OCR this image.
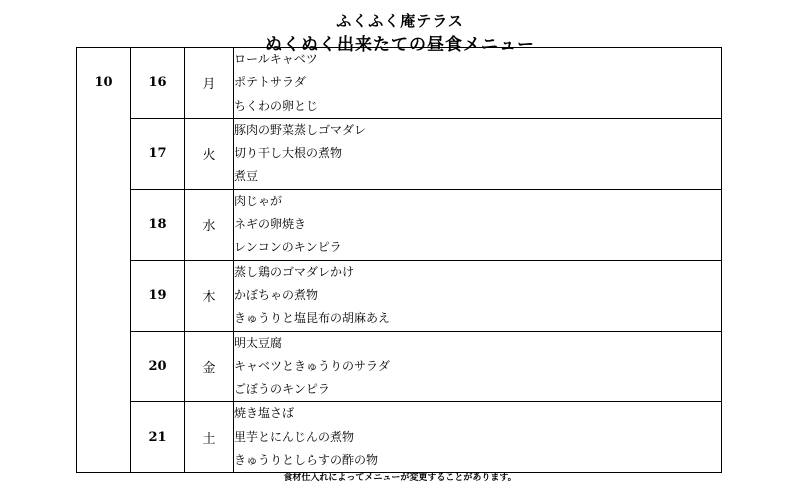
ふくふく庵テラス
ぬくぬく出来たての昼食メニュー
10	16	月	ロールキャベツ
ポテトサラダ
ちくわの卵とじ

	17	火	豚肉の野菜蒸しゴマダレ
切り干し大根の煮物
煮豆

	18	水	肉じゃが
ネギの卵焼き
レンコンのキンピラ

	19	木	蒸し鶏のゴマダレかけ
かぼちゃの煮物
きゅうりと塩昆布の胡麻あえ

	20	金	明太豆腐
キャベツときゅうりのサラダ
ごぼうのキンピラ

	21	土	焼き塩さば
里芋とにんじんの煮物
きゅうりとしらすの酢の物
食材仕入れによってメニューが変更することがあります。
